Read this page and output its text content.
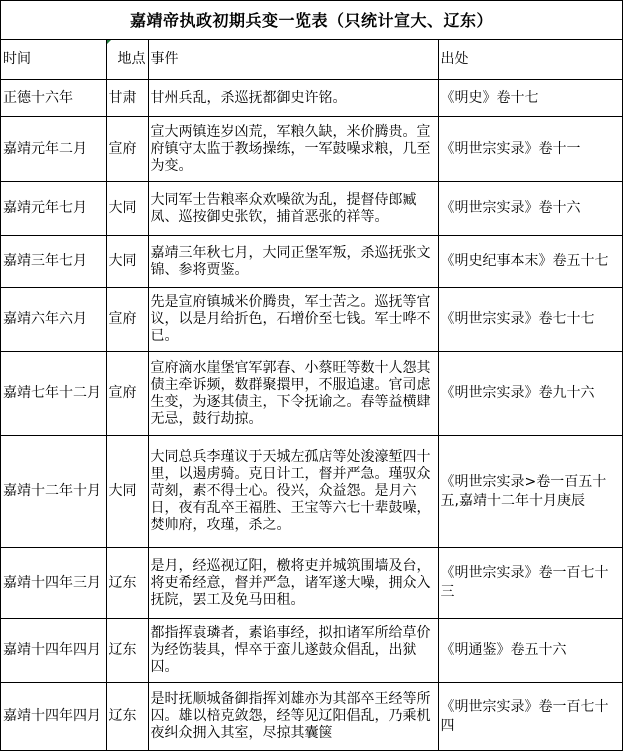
嘉靖帝执政初期兵变一览表（只统计宣大、辽东）			
时间	地点	事件	出处
正德十六年	甘肃	甘州兵乱，杀巡抚都御史许铭。	《明史》卷十七
嘉靖元年二月	宣府	宣大两镇连岁凶荒，军粮久缺，米价腾贵。宣府镇守太监于教场操练，一军鼓噪求粮，几至为变。	《明世宗实录》卷十一
嘉靖元年七月	大同	大同军士告粮率众欢噪欲为乱，提督侍郎臧凤、巡按御史张钦，捕首恶张的祥等。	《明世宗实录》卷十六
嘉靖三年七月	大同	嘉靖三年秋七月，大同正堡军叛，杀巡抚张文锦、参将贾鉴。	《明史纪事本末》卷五十七
嘉靖六年六月	宣府	先是宣府镇城米价腾贵，军士苦之。巡抚等官议，以是月给折色，石增价至七钱。军士哗不已。	《明世宗实录》卷七十七
嘉靖七年十二月	宣府	宣府滴水崖堡官军郭春、小蔡旺等数十人怨其债主牵诉频，数群聚擐甲，不服追逮。官司虑生变，为逐其债主，下令抚谕之。春等益横肆无忌，鼓行劫掠。	《明世宗实录》卷九十六
嘉靖十二年十月	大同	大同总兵李瑾议于天城左孤店等处浚濠堑四十里，以遏虏骑。克日计工，督并严急。瑾驭众苛刻，素不得士心。役兴，众益怨。是月六日，夜有乱卒王福胜、王宝等六七十辈鼓噪，焚帅府，攻瑾，杀之。	《明世宗实录>卷一百五十五,嘉靖十二年十月庚辰
嘉靖十四年三月	辽东	是月，经巡视辽阳，檄将吏并城筑围墙及台，将吏希经意，督并严急，诸军遂大噪，拥众入抚院，罢工及免马田租。	《明世宗实录》卷一百七十三
嘉靖十四年四月	辽东	都指挥袁璘者，素谄事经，拟扣诸军所给草价为经饬装具，悍卒于蛮儿遂鼓众倡乱，出狱囚。	《明通鉴》卷五十六
嘉靖十四年四月	辽东	是时抚顺城备御指挥刘雄亦为其部卒王经等所囚。雄以棓克敛怨，经等见辽阳倡乱，乃乘机夜纠众拥入其室，尽掠其囊箧	《明世宗实录》卷一百七十四
